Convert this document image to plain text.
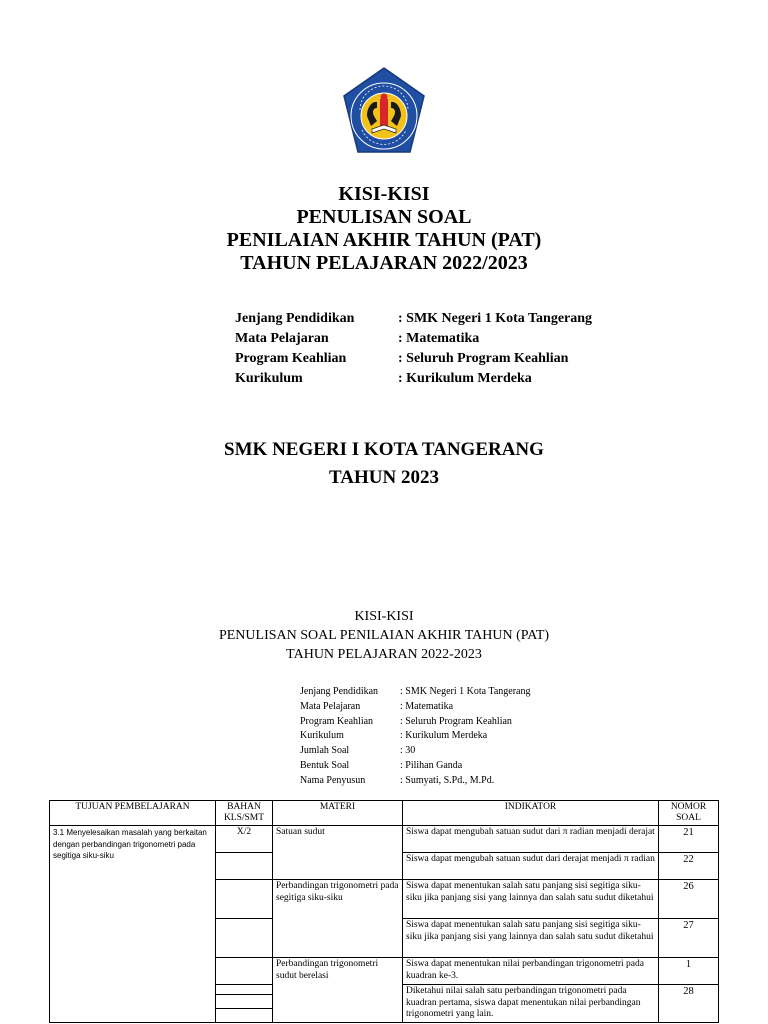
KISI-KISI
PENULISAN SOAL
PENILAIAN AKHIR TAHUN (PAT)
TAHUN PELAJARAN 2022/2023
Jenjang Pendidikan	: SMK Negeri 1 Kota Tangerang
Mata Pelajaran	: Matematika
Program Keahlian	: Seluruh Program Keahlian
Kurikulum	: Kurikulum Merdeka
SMK NEGERI I KOTA TANGERANG
TAHUN 2023
KISI-KISI
PENULISAN SOAL PENILAIAN AKHIR TAHUN (PAT)
TAHUN PELAJARAN 2022-2023
Jenjang Pendidikan	: SMK Negeri 1 Kota Tangerang
Mata Pelajaran	: Matematika
Program Keahlian	: Seluruh Program Keahlian
Kurikulum	: Kurikulum Merdeka
Jumlah Soal	: 30
Bentuk Soal	: Pilihan Ganda
Nama Penyusun	: Sumyati, S.Pd., M.Pd.
TUJUAN PEMBELAJARAN	BAHAN KLS/SMT	MATERI	INDIKATOR	NOMOR SOAL
3.1 Menyelesaikan masalah yang berkaitan dengan perbandingan trigonometri pada segitiga siku-siku	X/2	Satuan sudut	Siswa dapat mengubah satuan sudut dari π radian menjadi derajat	21
			Siswa dapat mengubah satuan sudut dari derajat menjadi π radian	22
		Perbandingan trigonometri pada segitiga siku-siku	Siswa dapat menentukan salah satu panjang sisi segitiga siku-siku jika panjang sisi yang lainnya dan salah satu sudut diketahui	26
			Siswa dapat menentukan salah satu panjang sisi segitiga siku-siku jika panjang sisi yang lainnya dan salah satu sudut diketahui	27
		Perbandingan trigonometri sudut berelasi	Siswa dapat menentukan nilai perbandingan trigonometri pada kuadran ke-3.	1
			Diketahui nilai salah satu perbandingan trigonometri pada kuadran pertama, siswa dapat menentukan nilai perbandingan trigonometri yang lain.	28
